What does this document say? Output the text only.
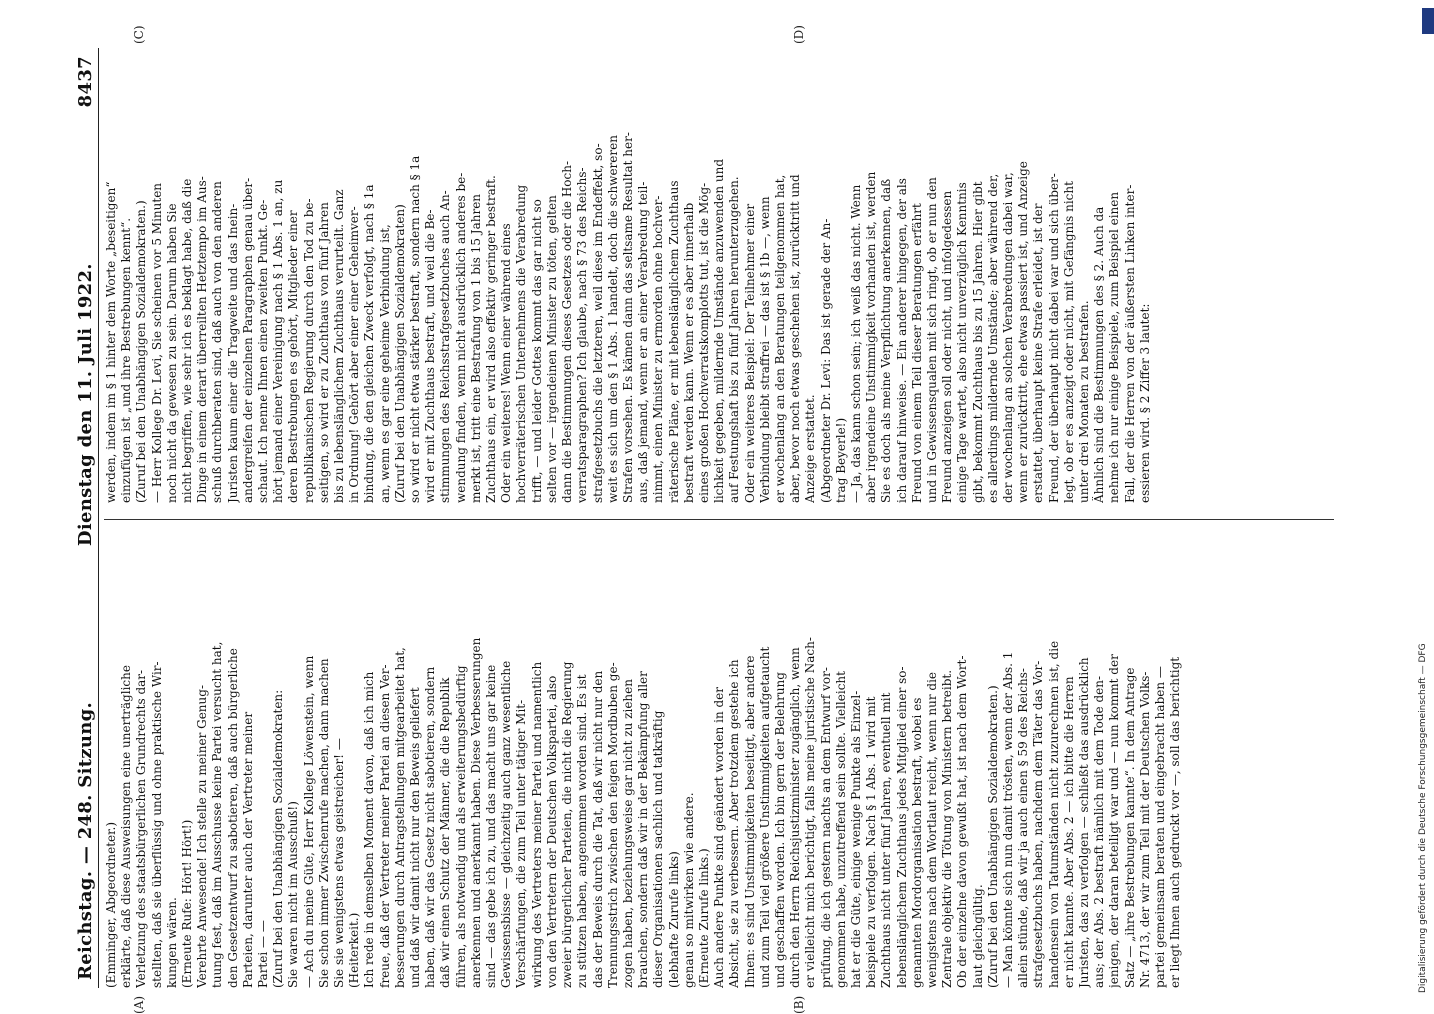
Reichstag. — 248. Sitzung.
Dienstag den 11. Juli 1922.
8437
(A)	(B)
(C)	(D)

(Emminger, Abgeordneter.) erklärte, daß diese Ausweisungen eine unerträgliche Verletzung des staatsbürgerlichen Grundrechts dar- stellten, daß sie überflüssig und ohne praktische Wir- kungen wären. (Erneute Rufe: Hört! Hört!) Verehrte Anwesende! Ich stelle zu meiner Genug- tuung fest, daß im Ausschusse keine Partei versucht hat, den Gesetzentwurf zu sabotieren, daß auch bürgerliche Parteien, darunter auch der Vertreter meiner Partei — — (Zuruf bei den Unabhängigen Sozialdemokraten: Sie waren nicht im Ausschuß!) — Ach du meine Güte, Herr Kollege Löwenstein, wenn Sie schon immer Zwischenrufe machen, dann machen Sie sie wenigstens etwas geistreicher! — (Heiterkeit.) Ich rede in demselben Moment davon, daß ich mich freue, daß der Vertreter meiner Partei an diesen Ver- besserungen durch Antragstellungen mitgearbeitet hat, und daß wir damit nicht nur den Beweis geliefert haben, daß wir das Gesetz nicht sabotieren, sondern daß wir einen Schutz der Männer, die die Republik führen, als notwendig und als erweiterungsbedürftig anerkennen und anerkannt haben. Diese Verbesserungen sind — das gebe ich zu, und das macht uns gar keine Gewissensbisse — gleichzeitig auch ganz wesentliche Verschärfungen, die zum Teil unter tätiger Mit- wirkung des Vertreters meiner Partei und namentlich von den Vertretern der Deutschen Volkspartei, also zweier bürgerlicher Parteien, die nicht die Regierung zu stützen haben, angenommen worden sind. Es ist das der Beweis durch die Tat, daß wir nicht nur den Trennungsstrich zwischen den feigen Mordbuben ge- zogen haben, beziehungsweise gar nicht zu ziehen brauchen, sondern daß wir in der Bekämpfung aller dieser Organisationen sachlich und tatkräftig (lebhafte Zurufe links) genau so mitwirken wie andere. (Erneute Zurufe links.) Auch andere Punkte sind geändert worden in der Absicht, sie zu verbessern. Aber trotzdem gestehe ich Ihnen: es sind Unstimmigkeiten beseitigt, aber andere und zum Teil viel größere Unstimmigkeiten aufgetaucht und geschaffen worden. Ich bin gern der Belehrung durch den Herrn Reichsjustizminister zugänglich, wenn er vielleicht mich berichtigt, falls meine juristische Nach- prüfung, die ich gestern nachts an dem Entwurf vor- genommen habe, unzutreffend sein sollte. Vielleicht hat er die Güte, einige wenige Punkte als Einzel- beispiele zu verfolgen. Nach § 1 Abs. 1 wird mit Zuchthaus nicht unter fünf Jahren, eventuell mit lebenslänglichem Zuchthaus jedes Mitglied einer so- genannten Mordorganisation bestraft, wobei es wenigstens nach dem Wortlaut reicht, wenn nur die Zentrale objektiv die Tötung von Ministern betreibt. Ob der einzelne davon gewußt hat, ist nach dem Wort- laut gleichgültig. (Zuruf bei den Unabhängigen Sozialdemokraten.) — Man könnte sich nun damit trösten, wenn der Abs. 1 allein stünde, daß wir ja auch einen § 59 des Reichs- strafgesetzbuchs haben, nachdem dem Täter das Vor- handensein von Tatumständen nicht zuzurechnen ist, die er nicht kannte. Aber Abs. 2 — ich bitte die Herren Juristen, das zu verfolgen — schließt das ausdrücklich aus; der Abs. 2 bestraft nämlich mit dem Tode den- jenigen, der daran beteiligt war und — nun kommt der Satz — „ihre Bestrebungen kannte“. In dem Antrage Nr. 4713, der wir zum Teil mit der Deutschen Volks- partei gemeinsam beraten und eingebracht haben — er liegt Ihnen auch gedruckt vor —, soll das berichtigt

werden, indem im § 1 hinter dem Worte „beseitigen“ einzufügen ist „und ihre Bestrebungen kennt“. (Zuruf bei den Unabhängigen Sozialdemokraten.) — Herr Kollege Dr. Levi, Sie scheinen vor 5 Minuten noch nicht da gewesen zu sein. Darum haben Sie nicht begriffen, wie sehr ich es beklagt habe, daß die Dinge in einem derart überreilten Hetztempo im Aus- schuß durchberaten sind, daß auch von den anderen Juristen kaum einer die Tragweite und das Inein- andergreifen der einzelnen Paragraphen genau über- schaut. Ich nenne Ihnen einen zweiten Punkt. Ge- hört jemand einer Vereinigung nach § 1 Abs. 1 an, zu deren Bestrebungen es gehört, Mitglieder einer republikanischen Regierung durch den Tod zu be- seitigen, so wird er zu Zuchthaus von fünf Jahren bis zu lebenslänglichem Zuchthaus verurteilt. Ganz in Ordnung! Gehört aber einer einer Geheimver- bindung, die den gleichen Zweck verfolgt, nach § 1a an, wenn es gar eine geheime Verbindung ist, (Zuruf bei den Unabhängigen Sozialdemokraten) so wird er nicht etwa stärker bestraft, sondern nach § 1a wird er mit Zuchthaus bestraft, und weil die Be- stimmungen des Reichsstrafgesetzbuches auch An- wendung finden, wenn nicht ausdrücklich anderes be- merkt ist, tritt eine Bestrafung von 1 bis 15 Jahren Zuchthaus ein, er wird also effektiv geringer bestraft. Oder ein weiteres! Wenn einer während eines hochverräterischen Unternehmens die Verabredung trifft, — und leider Gottes kommt das gar nicht so selten vor — irgendeinen Minister zu töten, gelten dann die Bestimmungen dieses Gesetzes oder die Hoch- verratsparagraphen? Ich glaube, nach § 73 des Reichs- strafgesetzbuchs die letzteren, weil diese im Endeffekt, so- weit es sich um den § 1 Abs. 1 handelt, doch die schwereren Strafen vorsehen. Es kämen dann das seltsame Resultat her- aus, daß jemand, wenn er an einer Verabredung teil- nimmt, einen Minister zu ermorden ohne hochver- räterische Pläne, er mit lebenslänglichem Zuchthaus bestraft werden kann. Wenn er es aber innerhalb eines großen Hochverratskomplotts tut, ist die Mög- lichkeit gegeben, mildernde Umstände anzuwenden und auf Festungshaft bis zu fünf Jahren herunterzugehen. Oder ein weiteres Beispiel: Der Teilnehmer einer Verbindung bleibt straffrei — das ist § 1b —, wenn er wochenlang an den Beratungen teilgenommen hat, aber, bevor noch etwas geschehen ist, zurücktritt und Anzeige erstattet. (Abgeordneter Dr. Levi: Das ist gerade der An- trag Beyerle!) — Ja, das kann schon sein; ich weiß das nicht. Wenn aber irgendeine Unstimmigkeit vorhanden ist, werden Sie es doch als meine Verpflichtung anerkennen, daß ich darauf hinweise. — Ein anderer hingegen, der als Freund von einem Teil dieser Beratungen erfährt und in Gewissensqualen mit sich ringt, ob er nun den Freund anzeigen soll oder nicht, und infolgedessen einige Tage wartet, also nicht unverzüglich Kenntnis gibt, bekommt Zuchthaus bis zu 15 Jahren. Hier gibt es allerdings mildernde Umstände; aber während der, der wochenlang an solchen Verabredungen dabei war, wenn er zurücktritt, ehe etwas passiert ist, und Anzeige erstattet, überhaupt keine Strafe erleidet, ist der Freund, der überhaupt nicht dabei war und sich über- legt, ob er es anzeigt oder nicht, mit Gefängnis nicht unter drei Monaten zu bestrafen. Ähnlich sind die Bestimmungen des § 2. Auch da nehme ich nur einige Beispiele, zum Beispiel einen Fall, der die Herren von der äußersten Linken inter- essieren wird. § 2 Ziffer 3 lautet:

Digitalisierung gefördert durch die Deutsche Forschungsgemeinschaft — DFG
